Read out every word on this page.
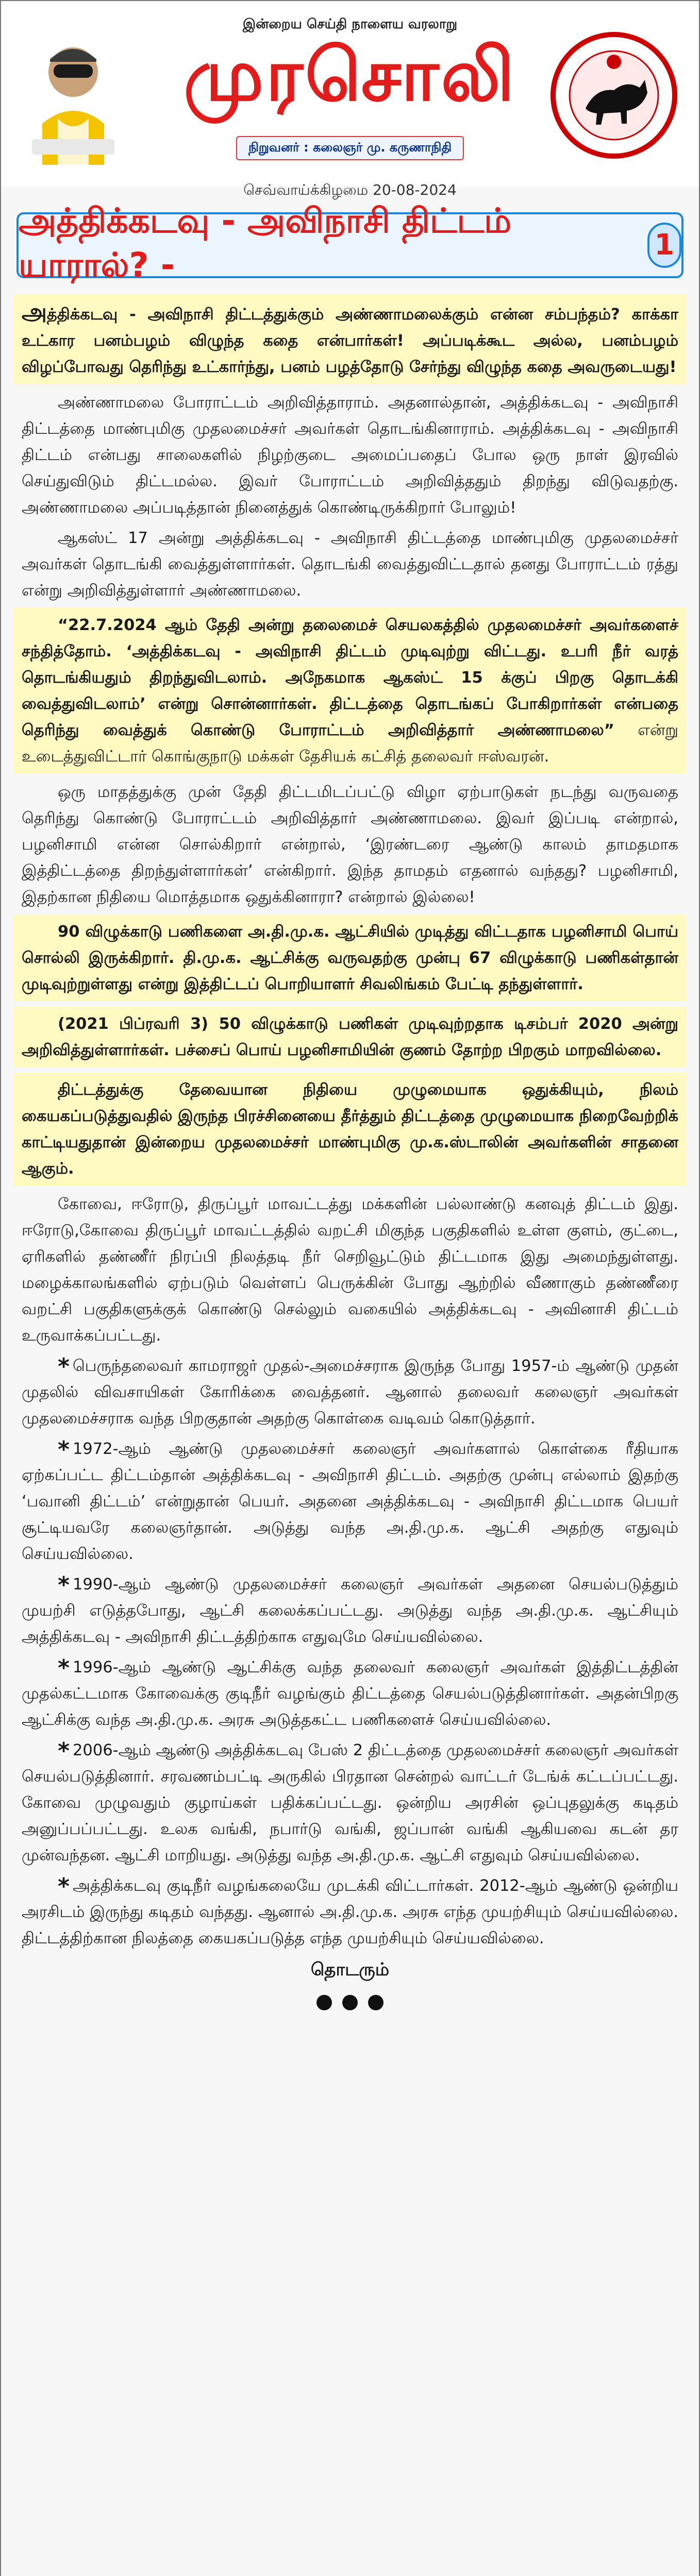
இன்றைய செய்தி நாளைய வரலாறு
முரசொலி
நிறுவனர் : கலைஞர் மு. கருணாநிதி
செவ்வாய்க்கிழமை 20-08-2024
அத்திக்கடவு - அவிநாசி திட்டம் யாரால்? -
1

அத்திக்கடவு - அவிநாசி திட்டத்துக்கும் அண்ணாமலைக்கும் என்ன சம்பந்தம்? காக்கா உட்கார பனம்பழம் விழுந்த கதை என்பார்கள்! அப்படிக்கூட அல்ல, பனம்பழம் விழப்போவது தெரிந்து உட்கார்ந்து, பனம் பழத்தோடு சேர்ந்து விழுந்த கதை அவருடையது!

அண்ணாமலை போராட்டம் அறிவித்தாராம். அதனால்தான், அத்திக்கடவு - அவிநாசி திட்டத்தை மாண்புமிகு முதலமைச்சர் அவர்கள் தொடங்கினாராம். அத்திக்கடவு - அவிநாசி திட்டம் என்பது சாலைகளில் நிழற்குடை அமைப்பதைப் போல ஒரு நாள் இரவில் செய்துவிடும் திட்டமல்ல. இவர் போராட்டம் அறிவித்ததும் திறந்து விடுவதற்கு. அண்ணாமலை அப்படித்தான் நினைத்துக் கொண்டிருக்கிறார் போலும்!

ஆகஸ்ட் 17 அன்று அத்திக்கடவு - அவிநாசி திட்டத்தை மாண்புமிகு முதலமைச்சர் அவர்கள் தொடங்கி வைத்துள்ளார்கள். தொடங்கி வைத்துவிட்டதால் தனது போராட்டம் ரத்து என்று அறிவித்துள்ளார் அண்ணாமலை.

“22.7.2024 ஆம் தேதி அன்று தலைமைச் செயலகத்தில் முதலமைச்சர் அவர்களைச் சந்தித்தோம். ‘அத்திக்கடவு - அவிநாசி திட்டம் முடிவுற்று விட்டது. உபரி நீர் வரத் தொடங்கியதும் திறந்துவிடலாம். அநேகமாக ஆகஸ்ட் 15 க்குப் பிறகு தொடக்கி வைத்துவிடலாம்’ என்று சொன்னார்கள். திட்டத்தை தொடங்கப் போகிறார்கள் என்பதை தெரிந்து வைத்துக் கொண்டு போராட்டம் அறிவித்தார் அண்ணாமலை” என்று உடைத்துவிட்டார் கொங்குநாடு மக்கள் தேசியக் கட்சித் தலைவர் ஈஸ்வரன்.

ஒரு மாதத்துக்கு முன் தேதி திட்டமிடப்பட்டு விழா ஏற்பாடுகள் நடந்து வருவதை தெரிந்து கொண்டு போராட்டம் அறிவித்தார் அண்ணாமலை. இவர் இப்படி என்றால், பழனிசாமி என்ன சொல்கிறார் என்றால், ‘இரண்டரை ஆண்டு காலம் தாமதமாக இத்திட்டத்தை திறந்துள்ளார்கள்’ என்கிறார். இந்த தாமதம் எதனால் வந்தது? பழனிசாமி, இதற்கான நிதியை மொத்தமாக ஒதுக்கினாரா? என்றால் இல்லை!

90 விழுக்காடு பணிகளை அ.தி.மு.க. ஆட்சியில் முடித்து விட்டதாக பழனிசாமி பொய் சொல்லி இருக்கிறார். தி.மு.க. ஆட்சிக்கு வருவதற்கு முன்பு 67 விழுக்காடு பணிகள்தான் முடிவுற்றுள்ளது என்று இத்திட்டப் பொறியாளர் சிவலிங்கம் பேட்டி தந்துள்ளார்.

(2021 பிப்ரவரி 3) 50 விழுக்காடு பணிகள் முடிவுற்றதாக டிசம்பர் 2020 அன்று அறிவித்துள்ளார்கள். பச்சைப் பொய் பழனிசாமியின் குணம் தோற்ற பிறகும் மாறவில்லை.

திட்டத்துக்கு தேவையான நிதியை முழுமையாக ஒதுக்கியும், நிலம் கையகப்படுத்துவதில் இருந்த பிரச்சினையை தீர்த்தும் திட்டத்தை முழுமையாக நிறைவேற்றிக் காட்டியதுதான் இன்றைய முதலமைச்சர் மாண்புமிகு மு.க.ஸ்டாலின் அவர்களின் சாதனை ஆகும்.

கோவை, ஈரோடு, திருப்பூர் மாவட்டத்து மக்களின் பல்லாண்டு கனவுத் திட்டம் இது. ஈரோடு,கோவை திருப்பூர் மாவட்டத்தில் வறட்சி மிகுந்த பகுதிகளில் உள்ள குளம், குட்டை, ஏரிகளில் தண்ணீர் நிரப்பி நிலத்தடி நீர் செறிவூட்டும் திட்டமாக இது அமைந்துள்ளது. மழைக்காலங்களில் ஏற்படும் வெள்ளப் பெருக்கின் போது ஆற்றில் வீணாகும் தண்ணீரை வறட்சி பகுதிகளுக்குக் கொண்டு செல்லும் வகையில் அத்திக்கடவு - அவினாசி திட்டம் உருவாக்கப்பட்டது.

* பெருந்தலைவர் காமராஜர் முதல்-அமைச்சராக இருந்த போது 1957-ம் ஆண்டு முதன் முதலில் விவசாயிகள் கோரிக்கை வைத்தனர். ஆனால் தலைவர் கலைஞர் அவர்கள் முதலமைச்சராக வந்த பிறகுதான் அதற்கு கொள்கை வடிவம் கொடுத்தார்.

* 1972-ஆம் ஆண்டு முதலமைச்சர் கலைஞர் அவர்களால் கொள்கை ரீதியாக ஏற்கப்பட்ட திட்டம்தான் அத்திக்கடவு - அவிநாசி திட்டம். அதற்கு முன்பு எல்லாம் இதற்கு ‘பவானி திட்டம்’ என்றுதான் பெயர். அதனை அத்திக்கடவு - அவிநாசி திட்டமாக பெயர் சூட்டியவரே கலைஞர்தான். அடுத்து வந்த அ.தி.மு.க. ஆட்சி அதற்கு எதுவும் செய்யவில்லை.

* 1990-ஆம் ஆண்டு முதலமைச்சர் கலைஞர் அவர்கள் அதனை செயல்படுத்தும் முயற்சி எடுத்தபோது, ஆட்சி கலைக்கப்பட்டது. அடுத்து வந்த அ.தி.மு.க. ஆட்சியும் அத்திக்கடவு - அவிநாசி திட்டத்திற்காக எதுவுமே செய்யவில்லை.

* 1996-ஆம் ஆண்டு ஆட்சிக்கு வந்த தலைவர் கலைஞர் அவர்கள் இத்திட்டத்தின் முதல்கட்டமாக கோவைக்கு குடிநீர் வழங்கும் திட்டத்தை செயல்படுத்தினார்கள். அதன்பிறகு ஆட்சிக்கு வந்த அ.தி.மு.க. அரசு அடுத்தகட்ட பணிகளைச் செய்யவில்லை.

* 2006-ஆம் ஆண்டு அத்திக்கடவு பேஸ் 2 திட்டத்தை முதலமைச்சர் கலைஞர் அவர்கள் செயல்படுத்தினார். சரவணம்பட்டி அருகில் பிரதான சென்றல் வாட்டர் டேங்க் கட்டப்பட்டது. கோவை முழுவதும் குழாய்கள் பதிக்கப்பட்டது. ஒன்றிய அரசின் ஒப்புதலுக்கு கடிதம் அனுப்பப்பட்டது. உலக வங்கி, நபார்டு வங்கி, ஜப்பான் வங்கி ஆகியவை கடன் தர முன்வந்தன. ஆட்சி மாறியது. அடுத்து வந்த அ.தி.மு.க. ஆட்சி எதுவும் செய்யவில்லை.

* அத்திக்கடவு குடிநீர் வழங்கலையே முடக்கி விட்டார்கள். 2012-ஆம் ஆண்டு ஒன்றிய அரசிடம் இருந்து கடிதம் வந்தது. ஆனால் அ.தி.மு.க. அரசு எந்த முயற்சியும் செய்யவில்லை. திட்டத்திற்கான நிலத்தை கையகப்படுத்த எந்த முயற்சியும் செய்யவில்லை.

தொடரும்
